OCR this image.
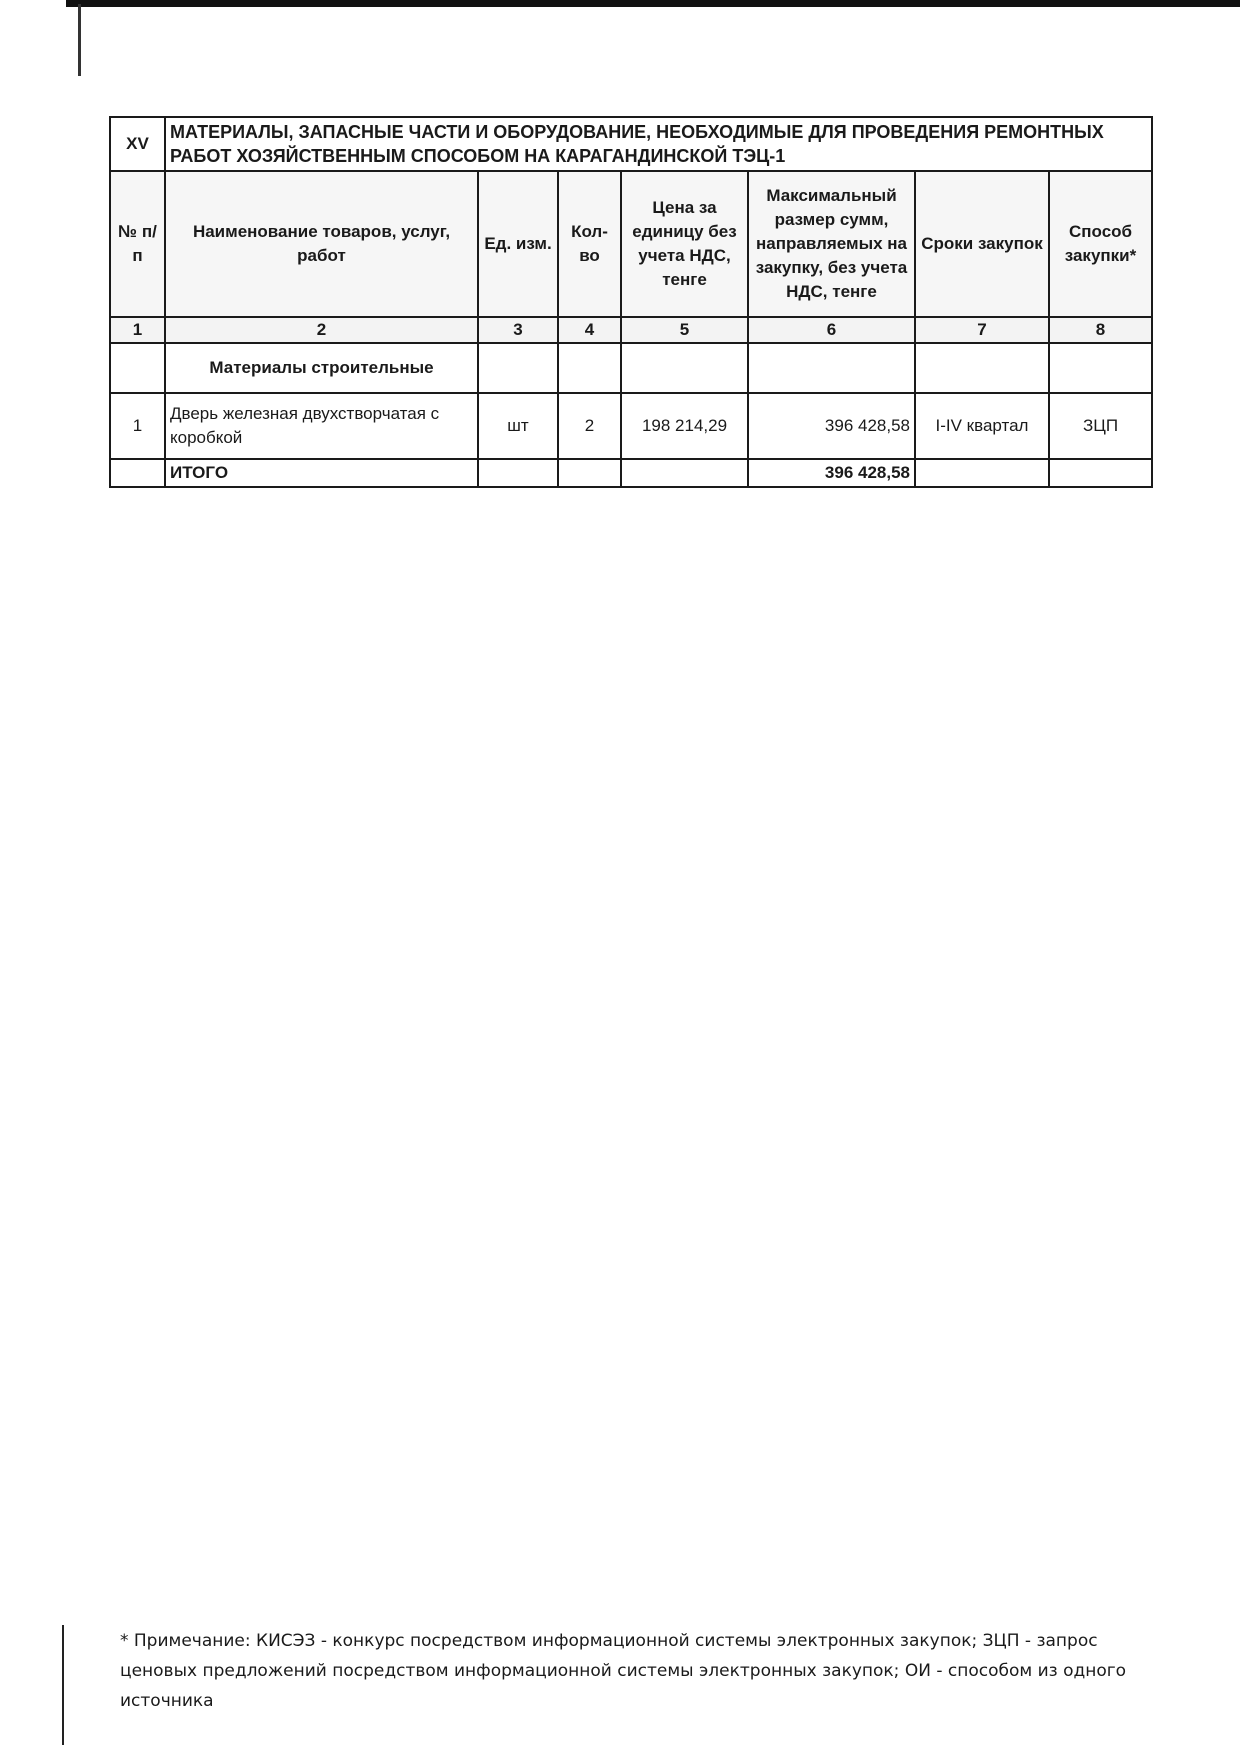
XV	МАТЕРИАЛЫ, ЗАПАСНЫЕ ЧАСТИ И ОБОРУДОВАНИЕ, НЕОБХОДИМЫЕ ДЛЯ ПРОВЕДЕНИЯ РЕМОНТНЫХ РАБОТ ХОЗЯЙСТВЕННЫМ СПОСОБОМ НА КАРАГАНДИНСКОЙ ТЭЦ-1						
№ п/п	Наименование товаров, услуг, работ	Ед. изм.	Кол-во	Цена за единицу без учета НДС, тенге	Максимальный размер сумм, направляемых на закупку, без учета НДС, тенге	Сроки закупок	Способ закупки*
1	2	3	4	5	6	7	8
	Материалы строительные						
1	Дверь железная двухстворчатая с коробкой	шт	2	198 214,29	396 428,58	I-IV квартал	ЗЦП
	ИТОГО				396 428,58		
* Примечание: КИСЭЗ - конкурс посредством информационной системы электронных закупок; ЗЦП - запрос ценовых предложений посредством информационной системы электронных закупок; ОИ - способом из одного источника
